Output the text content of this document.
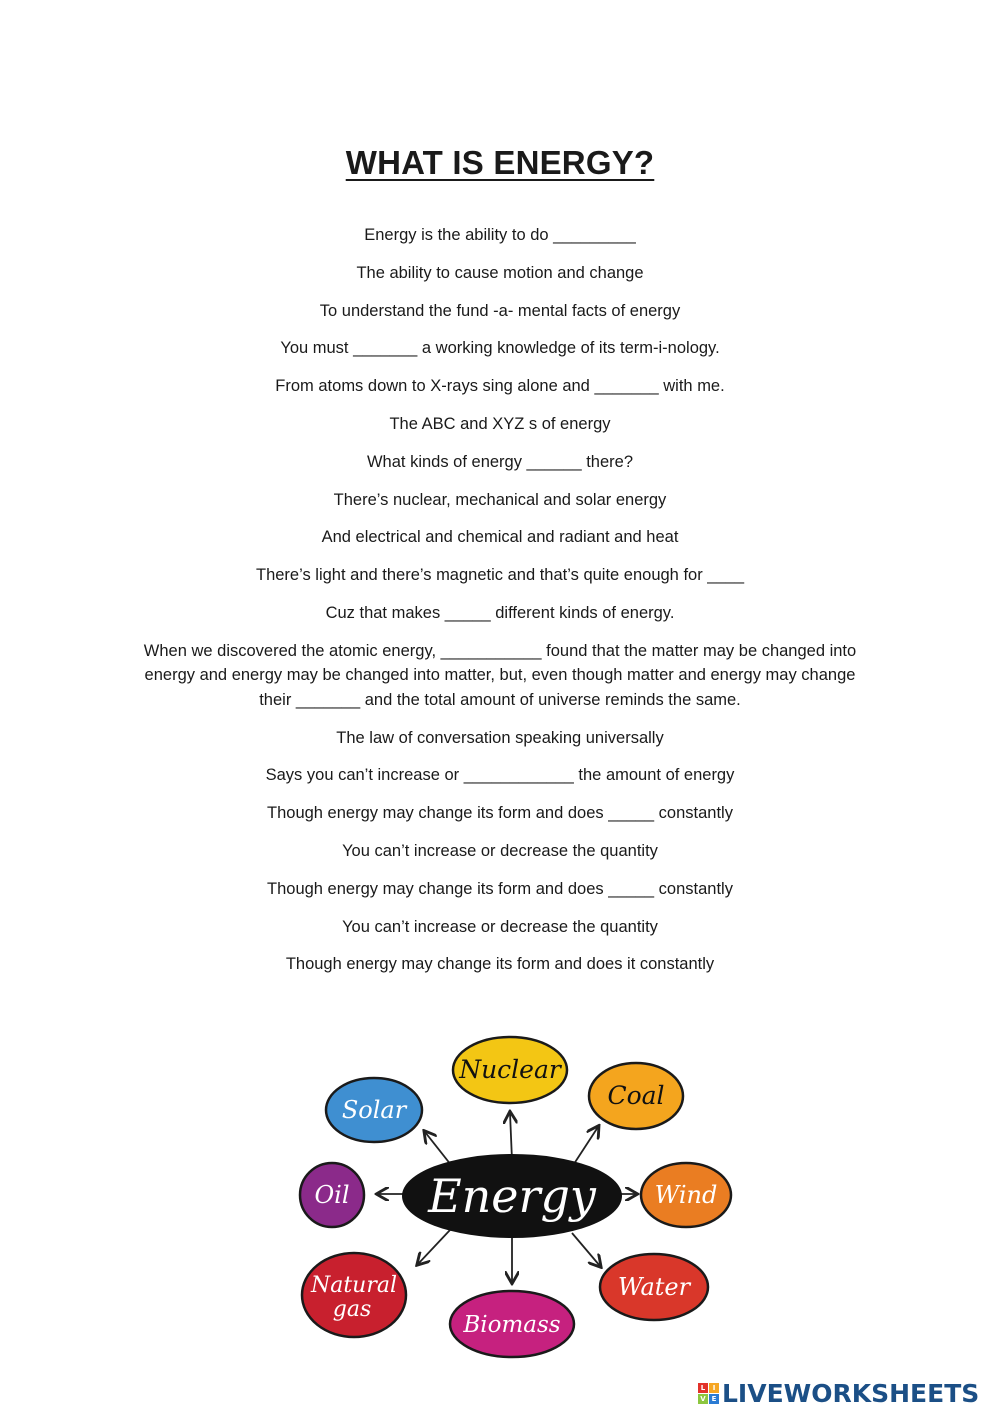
WHAT IS ENERGY?

Energy is the ability to do _________

The ability to cause motion and change

To understand the fund -a- mental facts of energy

You must _______ a working knowledge of its term-i-nology.

From atoms down to X-rays sing alone and _______ with me.

The ABC and XYZ s of energy

What kinds of energy ______ there?

There’s nuclear, mechanical and solar energy

And electrical and chemical and radiant and heat

There’s light and there’s magnetic and that’s quite enough for ____

Cuz that makes _____ different kinds of energy.

When we discovered the atomic energy, ___________ found that the matter may be changed into energy and energy may be changed into matter, but, even though matter and energy may change their _______ and the total amount of universe reminds the same.

The law of conversation speaking universally

Says you can’t increase or ____________ the amount of energy

Though energy may change its form and does _____ constantly

You can’t increase or decrease the quantity

Though energy may change its form and does _____ constantly

You can’t increase or decrease the quantity

Though energy may change its form and does it constantly

Energy
Nuclear
Coal
Solar
Oil	Wind
Natural
gas
Biomass
Water
L	I
V E LIVEWORKSHEETS
